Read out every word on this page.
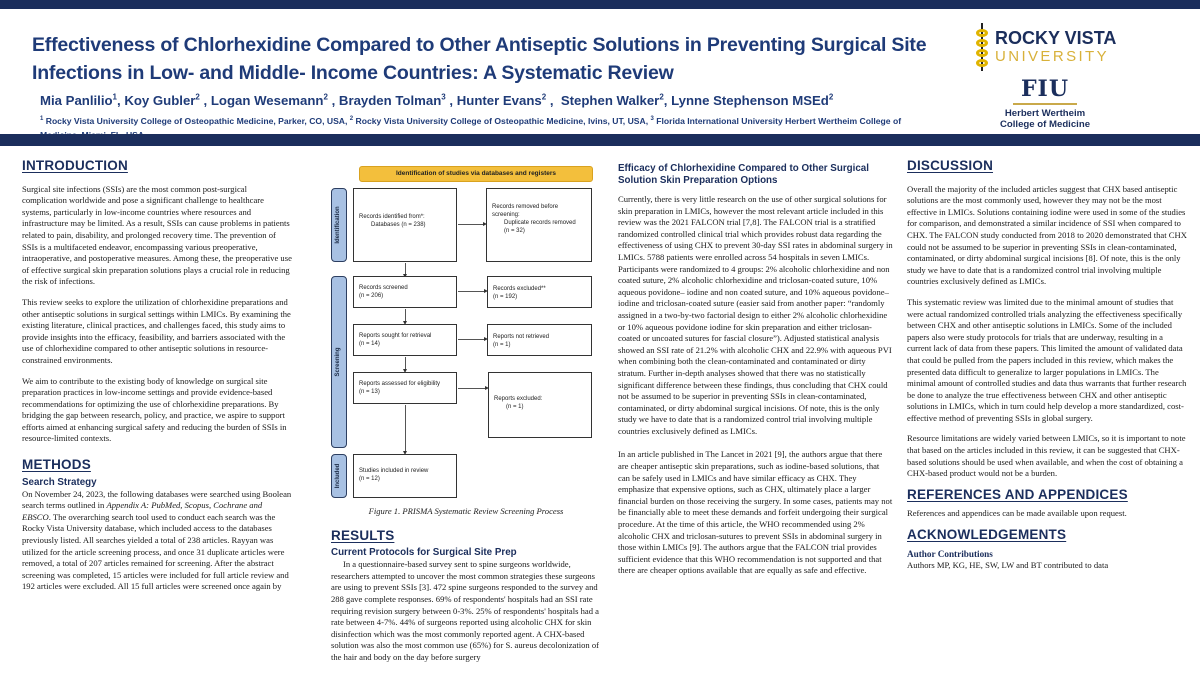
Effectiveness of Chlorhexidine Compared to Other Antiseptic Solutions in Preventing Surgical Site Infections in Low- and Middle- Income Countries: A Systematic Review
Mia Panlilio$^1$, Koy Gubler$^2$ , Logan Wesemann$^2$ , Brayden Tolman$^3$ , Hunter Evans$^2$ ,  Stephen Walker$^2$, Lynne Stephenson MSEd$^2$
$^1$ Rocky Vista University College of Osteopathic Medicine, Parker, CO, USA, $^2$ Rocky Vista University College of Osteopathic Medicine, Ivins, UT, USA, $^3$ Florida International University Herbert Wertheim College of
ROCKY VISTA
UNIVERSITY
FIU
Herbert Wertheim
College of Medicine
INTRODUCTION

Surgical site infections (SSIs) are the most common post-surgical complication worldwide and pose a significant challenge to healthcare systems, particularly in low-income countries where resources and infrastructure may be limited. As a result, SSIs can cause problems in patients related to pain, disability, and prolonged recovery time. The prevention of SSIs is a multifaceted endeavor, encompassing various preoperative, intraoperative, and postoperative measures. Among these, the preoperative use of effective surgical skin preparation solutions plays a crucial role in reducing the risk of infections.

This review seeks to explore the utilization of chlorhexidine preparations and other antiseptic solutions in surgical settings within LMICs. By examining the existing literature, clinical practices, and challenges faced, this study aims to provide insights into the efficacy, feasibility, and barriers associated with the use of chlorhexidine compared to other antiseptic solutions in resource-constrained environments.

We aim to contribute to the existing body of knowledge on surgical site preparation practices in low-income settings and provide evidence-based recommendations for optimizing the use of chlorhexidine preparations. By bridging the gap between research, policy, and practice, we aspire to support efforts aimed at enhancing surgical safety and reducing the burden of SSIs in resource-limited contexts.

METHODS
Search Strategy

On November 24, 2023, the following databases were searched using Boolean search terms outlined in Appendix A: PubMed, Scopus, Cochrane and EBSCO. The overarching search tool used to conduct each search was the Rocky Vista University database, which included access to the databases previously listed. All searches yielded a total of 238 articles. Rayyan was utilized for the article screening process, and once 31 duplicate articles were removed, a total of 207 articles remained for screening. After the abstract screening was completed, 15 articles were included for full article review and 192 articles were excluded. All 15 full articles were screened once again by

Identification of studies via databases and registers
Identification
Screening
Included
Records identified from*:

Databases (n = 238)
Records removed before screening:

Duplicate records removed
(n = 32)
Records screened
(n = 206)
Records excluded**
(n = 192)
Reports sought for retrieval
(n = 14)
Reports not retrieved
(n = 1)
Reports assessed for eligibility
(n = 13)
Reports excluded:

(n = 1)
Studies included in review
(n = 12)
Figure 1. PRISMA Systematic Review Screening Process
RESULTS
Current Protocols for Surgical Site Prep

In a questionnaire-based survey sent to spine surgeons worldwide, researchers attempted to uncover the most common strategies these surgeons are using to prevent SSIs [3]. 472 spine surgeons responded to the survey and 288 gave complete responses. 69% of respondents' hospitals had an SSI rate requiring revision surgery between 0-3%. 25% of respondents' hospitals had a rate between 4-7%. 44% of surgeons reported using alcoholic CHX for skin disinfection which was the most commonly reported agent. A CHX-based solution was also the most common use (65%) for S. aureus decolonization of the hair and body on the day before surgery

Efficacy of Chlorhexidine Compared to Other Surgical Solution Skin Preparation Options

Currently, there is very little research on the use of other surgical solutions for skin preparation in LMICs, however the most relevant article included in this review was the 2021 FALCON trial [7,8]. The FALCON trial is a stratified randomized controlled clinical trial which provides robust data regarding the effectiveness of using CHX to prevent 30-day SSI rates in abdominal surgery in LMICs. 5788 patients were enrolled across 54 hospitals in seven LMICs. Participants were randomized to 4 groups: 2% alcoholic chlorhexidine and non coated suture, 2% alcoholic chlorhexidine and triclosan-coated suture, 10% aqueous povidone– iodine and non coated suture, and 10% aqueous povidone–iodine and triclosan-coated suture (easier said from another paper: “randomly assigned in a two-by-two factorial design to either 2% alcoholic chlorhexidine or 10% aqueous povidone iodine for skin preparation and either triclosan-coated or uncoated sutures for fascial closure”). Adjusted statistical analysis showed an SSI rate of 21.2% with alcoholic CHX and 22.9% with aqueous PVI when combining both the clean-contaminated and contaminated or dirty stratum. Further in-depth analyses showed that there was no statistically significant difference between these findings, thus concluding that CHX could not be assumed to be superior in preventing SSIs in clean-contaminated, contaminated, or dirty abdominal surgical incisions. Of note, this is the only study we have to date that is a randomized control trial involving multiple countries exclusively defined as LMICs.

In an article published in The Lancet in 2021 [9], the authors argue that there are cheaper antiseptic skin preparations, such as iodine-based solutions, that can be safely used in LMICs and have similar efficacy as CHX. They emphasize that expensive options, such as CHX, ultimately place a larger financial burden on those receiving the surgery. In some cases, patients may not be financially able to meet these demands and forfeit undergoing their surgical procedure. At the time of this article, the WHO recommended using 2% alcoholic CHX and triclosan-sutures to prevent SSIs in abdominal surgery in those within LMICs [9]. The authors argue that the FALCON trial provides sufficient evidence that this WHO recommendation is not supported and that there are cheaper options available that are equally as safe and effective.

DISCUSSION

Overall the majority of the included articles suggest that CHX based antiseptic solutions are the most commonly used, however they may not be the most effective in LMICs. Solutions containing iodine were used in some of the studies for comparison, and demonstrated a similar incidence of SSI when compared to CHX. The FALCON study conducted from 2018 to 2020 demonstrated that CHX could not be assumed to be superior in preventing SSIs in clean-contaminated, contaminated, or dirty abdominal surgical incisions [8]. Of note, this is the only study we have to date that is a randomized control trial involving multiple countries exclusively defined as LMICs.

This systematic review was limited due to the minimal amount of studies that were actual randomized controlled trials analyzing the effectiveness specifically between CHX and other antiseptic solutions in LMICs. Some of the included papers also were study protocols for trials that are underway, resulting in a current lack of data from these papers. This limited the amount of validated data that could be pulled from the papers included in this review, which makes the presented data difficult to generalize to larger populations in LMICs. The minimal amount of controlled studies and data thus warrants that further research be done to analyze the true effectiveness between CHX and other antiseptic solutions in LMICs, which in turn could help develop a more standardized, cost-effective method of preventing SSIs in global surgery.

Resource limitations are widely varied between LMICs, so it is important to note that based on the articles included in this review, it can be suggested that CHX-based solutions should be used when available, and when the cost of obtaining a CHX-based product would not be a burden.

REFERENCES AND APPENDICES

References and appendices can be made available upon request.

ACKNOWLEDGEMENTS
Author Contributions

Authors MP, KG, HE, SW, LW and BT contributed to data
